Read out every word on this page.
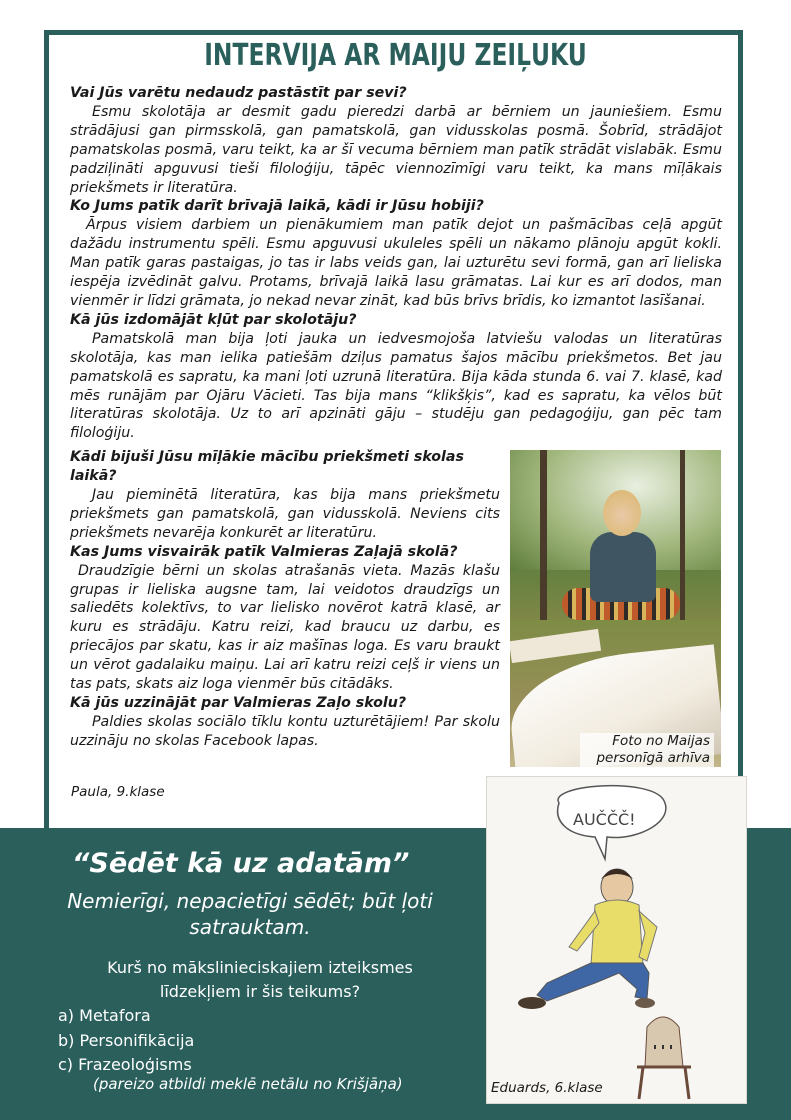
INTERVIJA AR MAIJU ZEIĻUKU

Vai Jūs varētu nedaudz pastāstīt par sevi?

Esmu skolotāja ar desmit gadu pieredzi darbā ar bērniem un jauniešiem. Esmu strādājusi gan pirmsskolā, gan pamatskolā, gan vidusskolas posmā. Šobrīd, strādājot pamatskolas posmā, varu teikt, ka ar šī vecuma bērniem man patīk strādāt vislabāk. Esmu padziļināti apguvusi tieši filoloģiju, tāpēc viennozīmīgi varu teikt, ka mans mīļākais priekšmets ir literatūra.

Ko Jums patīk darīt brīvajā laikā, kādi ir Jūsu hobiji?

Ārpus visiem darbiem un pienākumiem man patīk dejot un pašmācības ceļā apgūt dažādu instrumentu spēli. Esmu apguvusi ukuleles spēli un nākamo plānoju apgūt kokli. Man patīk garas pastaigas, jo tas ir labs veids gan, lai uzturētu sevi formā, gan arī lieliska iespēja izvēdināt galvu. Protams, brīvajā laikā lasu grāmatas. Lai kur es arī dodos, man vienmēr ir līdzi grāmata, jo nekad nevar zināt, kad būs brīvs brīdis, ko izmantot lasīšanai.

Kā jūs izdomājāt kļūt par skolotāju?

Pamatskolā man bija ļoti jauka un iedvesmojoša latviešu valodas un literatūras skolotāja, kas man ielika patiešām dziļus pamatus šajos mācību priekšmetos. Bet jau pamatskolā es sapratu, ka mani ļoti uzrunā literatūra. Bija kāda stunda 6. vai 7. klasē, kad mēs runājām par Ojāru Vācieti. Tas bija mans “klikšķis”, kad es sapratu, ka vēlos būt literatūras skolotāja. Uz to arī apzināti gāju – studēju gan pedagoģiju, gan pēc tam filoloģiju.

Kādi bijuši Jūsu mīļākie mācību priekšmeti skolas laikā?

Jau pieminētā literatūra, kas bija mans priekšmetu priekšmets gan pamatskolā, gan vidusskolā. Neviens cits priekšmets nevarēja konkurēt ar literatūru.

Kas Jums visvairāk patīk Valmieras Zaļajā skolā?

Draudzīgie bērni un skolas atrašanās vieta. Mazās klašu grupas ir lieliska augsne tam, lai veidotos draudzīgs un saliedēts kolektīvs, to var lielisko novērot katrā klasē, ar kuru es strādāju. Katru reizi, kad braucu uz darbu, es priecājos par skatu, kas ir aiz mašīnas loga. Es varu braukt un vērot gadalaiku maiņu. Lai arī katru reizi ceļš ir viens un tas pats, skats aiz loga vienmēr būs citādāks.

Kā jūs uzzinājāt par Valmieras Zaļo skolu?

Paldies skolas sociālo tīklu kontu uzturētājiem! Par skolu uzzināju no skolas Facebook lapas.	Foto no Maijas personīgā arhīva
Paula, 9.klase
“Sēdēt kā uz adatām”
Nemierīgi, nepacietīgi sēdēt; būt ļoti satrauktam.
Kurš no mākslinieciskajiem izteiksmes līdzekļiem ir šis teikums?
a) Metafora
b) Personifikācija
c) Frazeoloģisms
(pareizo atbildi meklē netālu no Krišjāņa)
AUČČČ!
Eduards, 6.klase
